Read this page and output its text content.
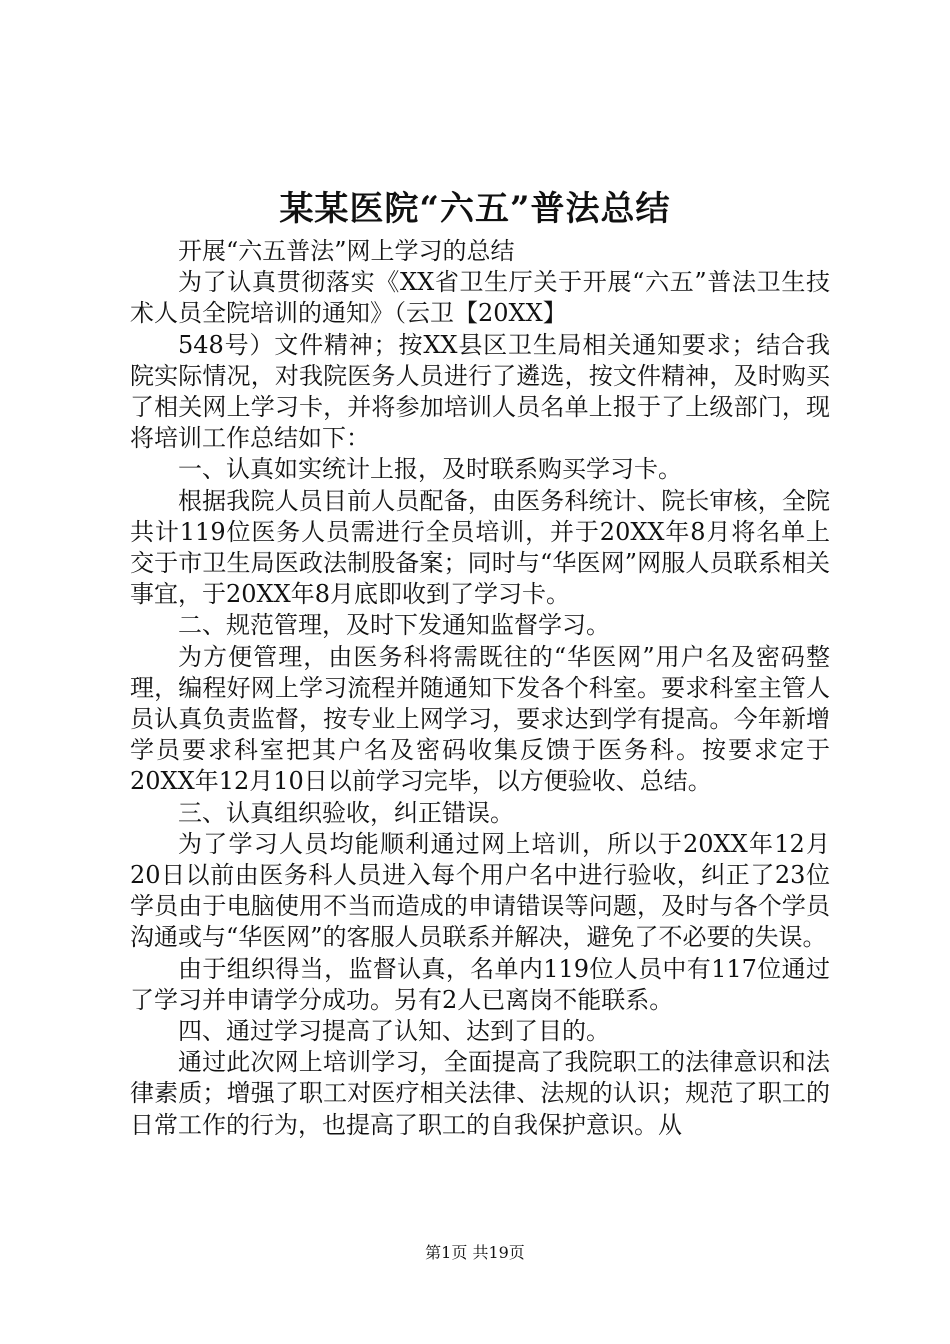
某某医院“六五”普法总结

开展“六五普法”网上学习的总结

为了认真贯彻落实《XX省卫生厅关于开展“六五”普法卫生技术人员全院培训的通知》（云卫【20XX】

548号）文件精神；按XX县区卫生局相关通知要求；结合我院实际情况，对我院医务人员进行了遴选，按文件精神，及时购买了相关网上学习卡，并将参加培训人员名单上报于了上级部门，现将培训工作总结如下：

一、认真如实统计上报，及时联系购买学习卡。

根据我院人员目前人员配备，由医务科统计、院长审核，全院共计119位医务人员需进行全员培训，并于20XX年8月将名单上交于市卫生局医政法制股备案；同时与“华医网”网服人员联系相关事宜，于20XX年8月底即收到了学习卡。

二、规范管理，及时下发通知监督学习。

为方便管理，由医务科将需既往的“华医网”用户名及密码整理，编程好网上学习流程并随通知下发各个科室。要求科室主管人员认真负责监督，按专业上网学习，要求达到学有提高。今年新增学员要求科室把其户名及密码收集反馈于医务科。按要求定于20XX年12月10日以前学习完毕，以方便验收、总结。

三、认真组织验收，纠正错误。

为了学习人员均能顺利通过网上培训，所以于20XX年12月20日以前由医务科人员进入每个用户名中进行验收，纠正了23位学员由于电脑使用不当而造成的申请错误等问题，及时与各个学员沟通或与“华医网”的客服人员联系并解决，避免了不必要的失误。

由于组织得当，监督认真，名单内119位人员中有117位通过了学习并申请学分成功。另有2人已离岗不能联系。

四、通过学习提高了认知、达到了目的。

通过此次网上培训学习，全面提高了我院职工的法律意识和法律素质；增强了职工对医疗相关法律、法规的认识；规范了职工的日常工作的行为，也提高了职工的自我保护意识。从

第1页 共19页
